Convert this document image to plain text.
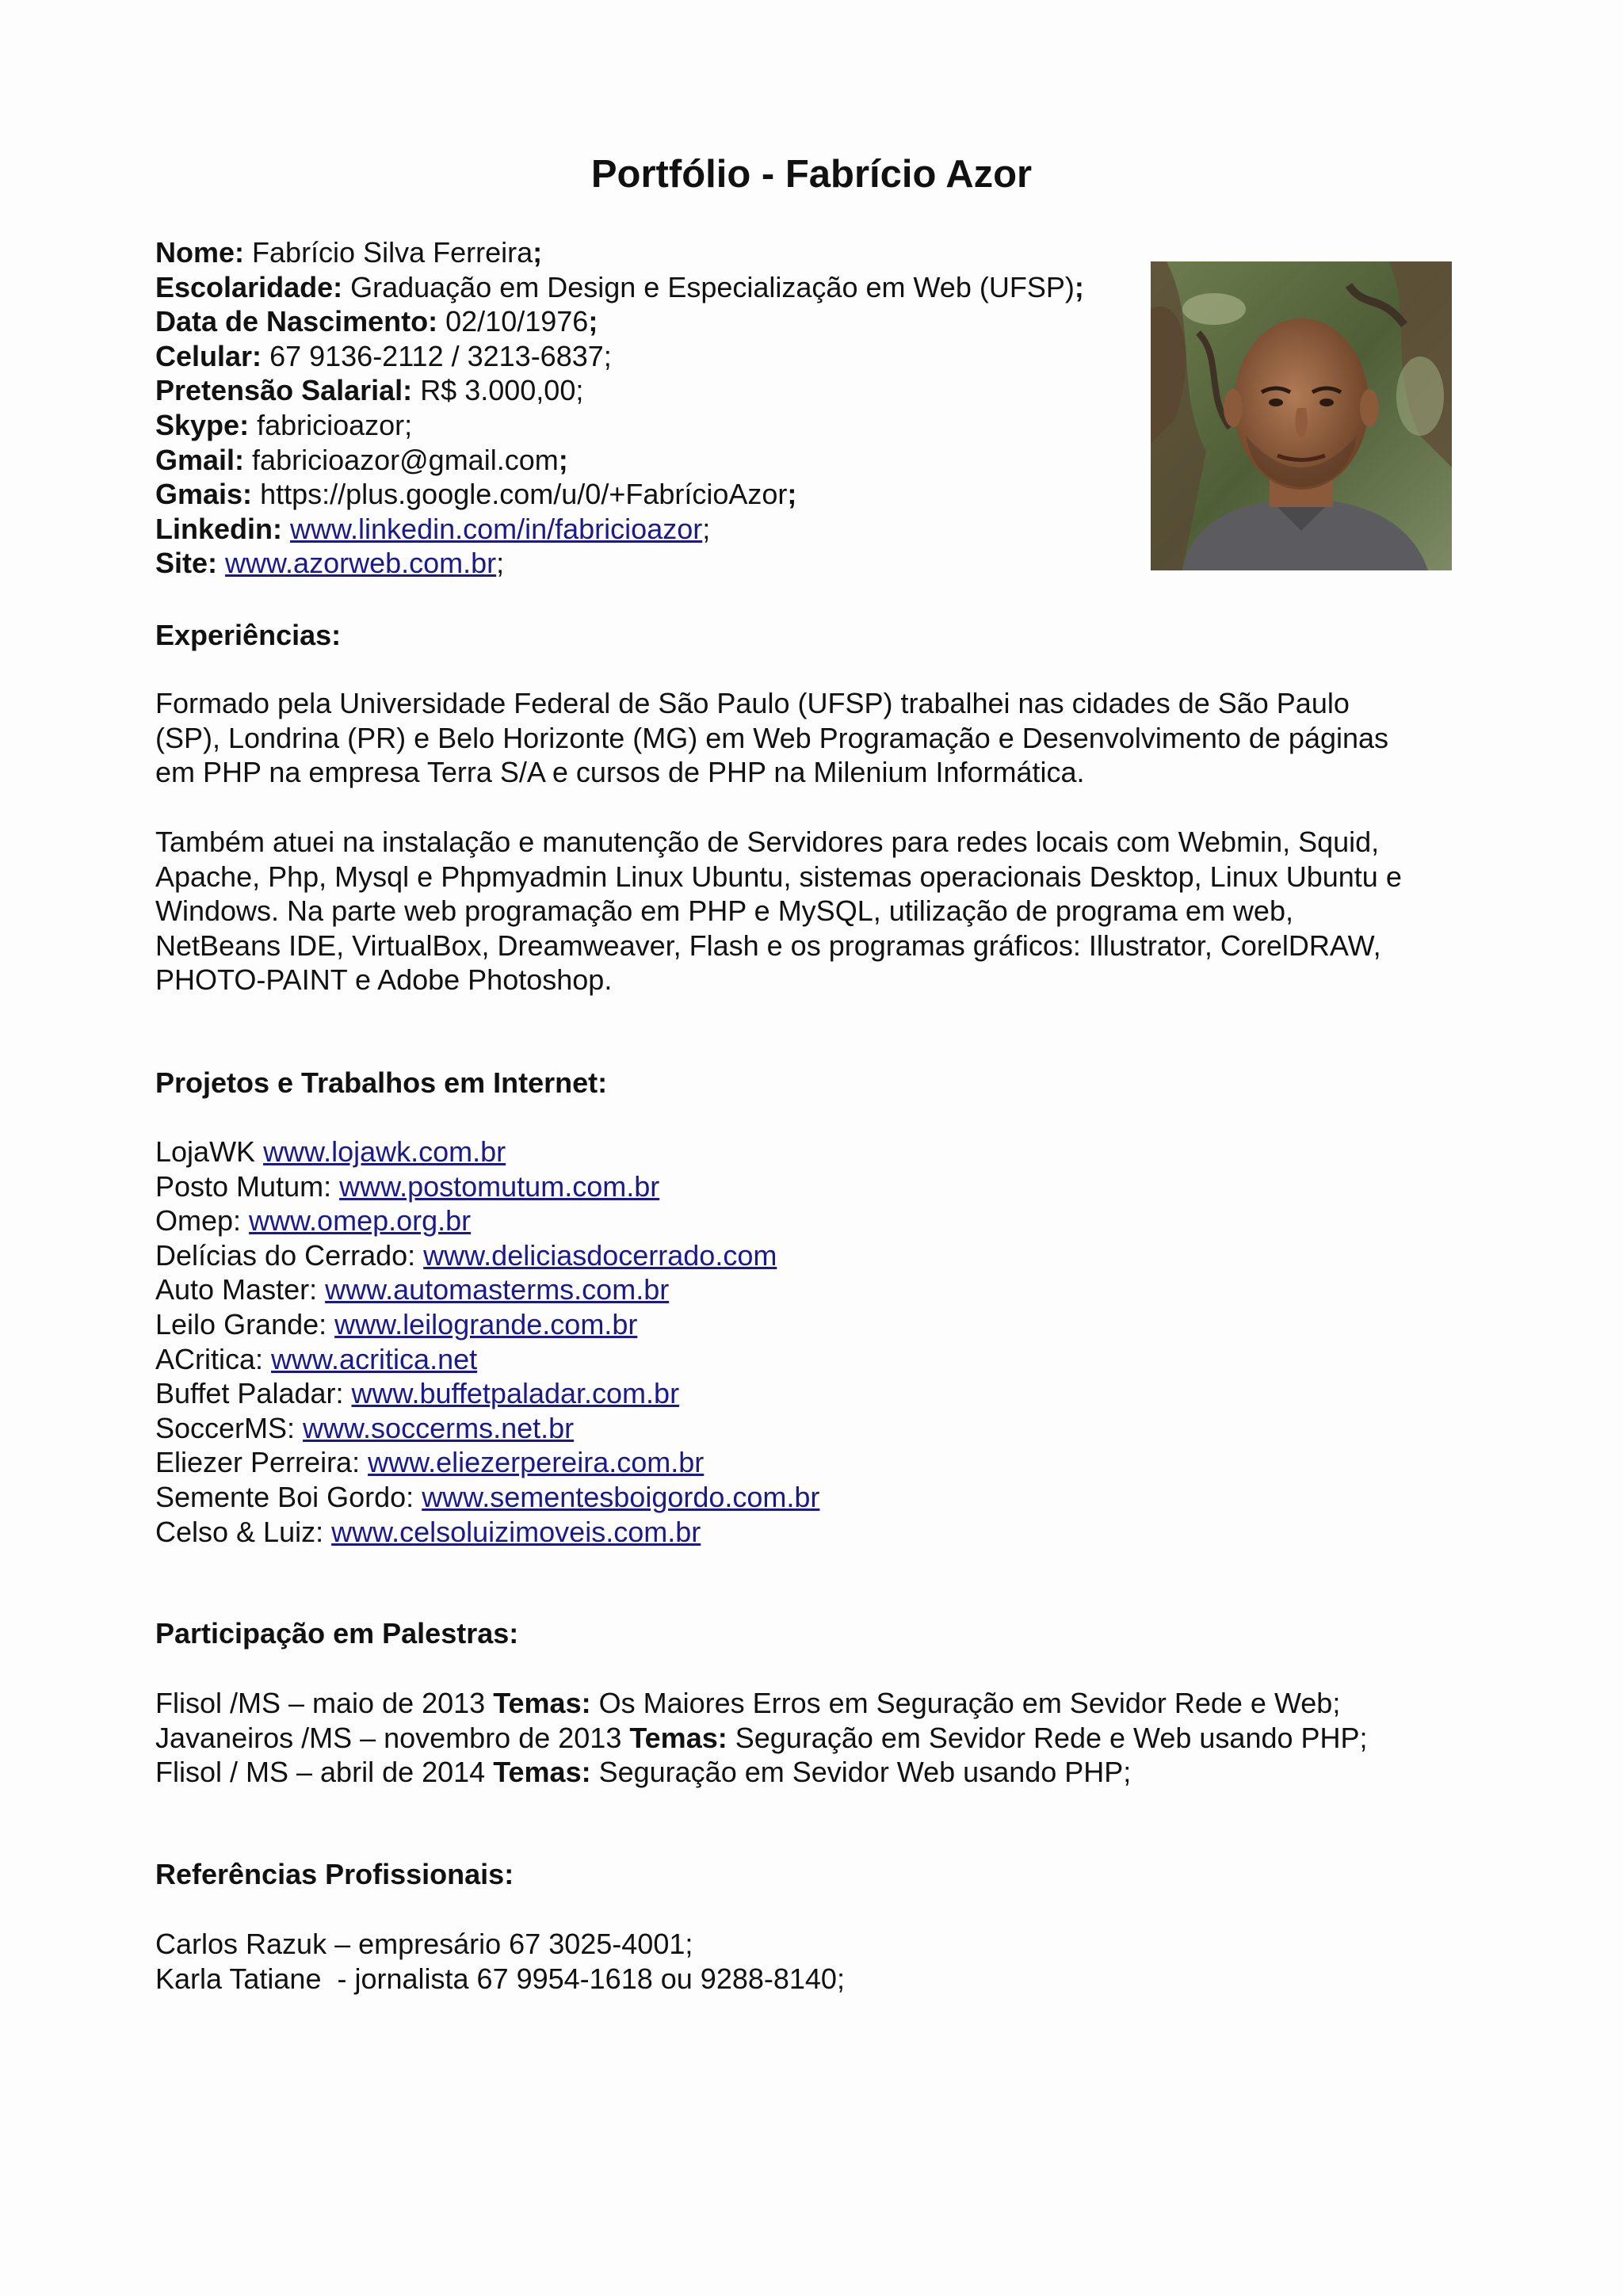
Portfólio - Fabrício Azor

Nome: Fabrício Silva Ferreira;

Escolaridade: Graduação em Design e Especialização em Web (UFSP);

Data de Nascimento: 02/10/1976;

Celular: 67 9136-2112 / 3213-6837;

Pretensão Salarial: R$ 3.000,00;

Skype: fabricioazor;

Gmail: fabricioazor@gmail.com;

Gmais: https://plus.google.com/u/0/+FabrícioAzor;

Linkedin: www.linkedin.com/in/fabricioazor;

Site: www.azorweb.com.br;

Experiências:

Formado pela Universidade Federal de São Paulo (UFSP) trabalhei nas cidades de São Paulo

(SP), Londrina (PR) e Belo Horizonte (MG) em Web Programação e Desenvolvimento de páginas

em PHP na empresa Terra S/A e cursos de PHP na Milenium Informática.

Também atuei na instalação e manutenção de Servidores para redes locais com Webmin, Squid,

Apache, Php, Mysql e Phpmyadmin Linux Ubuntu, sistemas operacionais Desktop, Linux Ubuntu e

Windows. Na parte web programação em PHP e MySQL, utilização de programa em web,

NetBeans IDE, VirtualBox, Dreamweaver, Flash e os programas gráficos: Illustrator, CorelDRAW,

PHOTO-PAINT e Adobe Photoshop.

Projetos e Trabalhos em Internet:

LojaWK www.lojawk.com.br

Posto Mutum: www.postomutum.com.br

Omep: www.omep.org.br

Delícias do Cerrado: www.deliciasdocerrado.com

Auto Master: www.automasterms.com.br

Leilo Grande: www.leilogrande.com.br

ACritica: www.acritica.net

Buffet Paladar: www.buffetpaladar.com.br

SoccerMS: www.soccerms.net.br

Eliezer Perreira: www.eliezerpereira.com.br

Semente Boi Gordo: www.sementesboigordo.com.br

Celso & Luiz: www.celsoluizimoveis.com.br

Participação em Palestras:

Flisol /MS – maio de 2013 Temas: Os Maiores Erros em Seguração em Sevidor Rede e Web;

Javaneiros /MS – novembro de 2013 Temas: Seguração em Sevidor Rede e Web usando PHP;

Flisol / MS – abril de 2014 Temas: Seguração em Sevidor Web usando PHP;

Referências Profissionais:

Carlos Razuk – empresário 67 3025-4001;

Karla Tatiane  - jornalista 67 9954-1618 ou 9288-8140;
